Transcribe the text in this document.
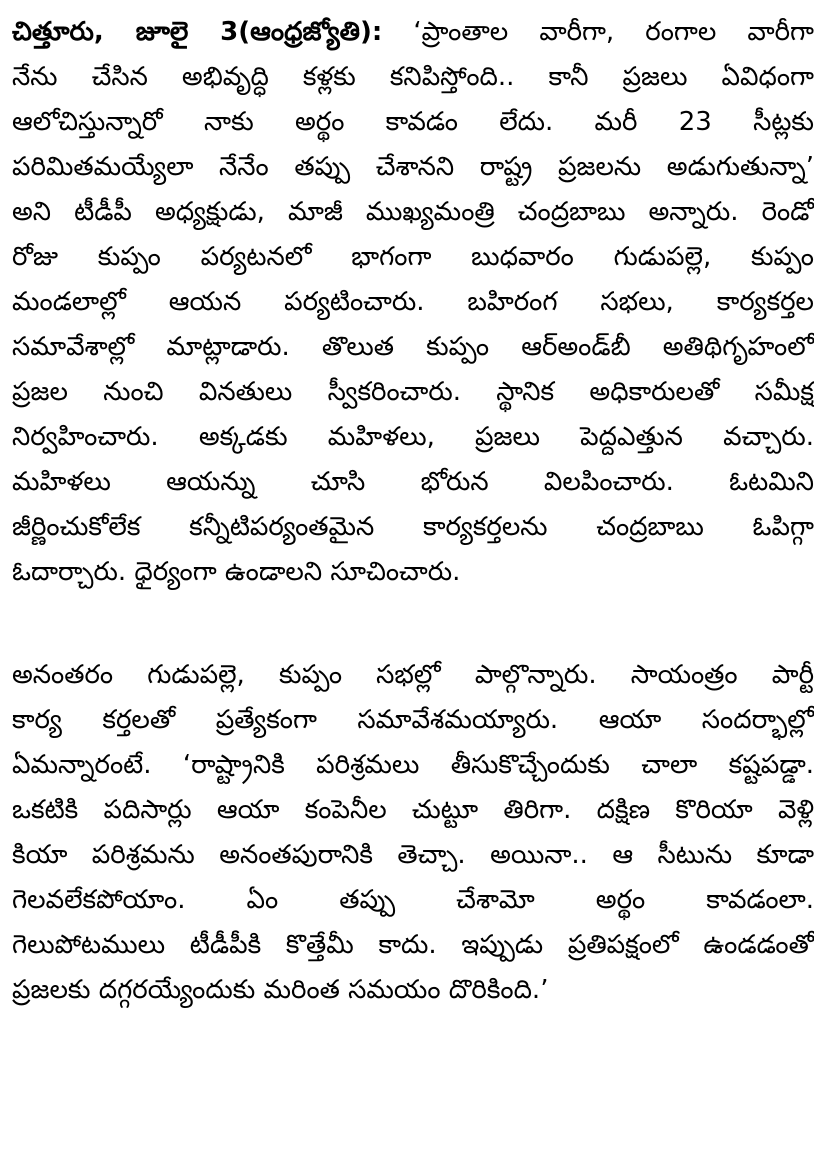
చిత్తూరు, జూలై 3(ఆంధ్రజ్యోతి): ‘ప్రాంతాల వారీగా, రంగాల వారీగా
నేను చేసిన అభివృద్ధి కళ్లకు కనిపిస్తోంది.. కానీ ప్రజలు ఏవిధంగా
ఆలోచిస్తున్నారో నాకు అర్థం కావడం లేదు. మరీ 23 సీట్లకు
పరిమితమయ్యేలా నేనేం తప్పు చేశానని రాష్ట్ర ప్రజలను అడుగుతున్నా’
అని టీడీపీ అధ్యక్షుడు, మాజీ ముఖ్యమంత్రి చంద్రబాబు అన్నారు. రెండో
రోజు కుప్పం పర్యటనలో భాగంగా బుధవారం గుడుపల్లె, కుప్పం
మండలాల్లో ఆయన పర్యటించారు. బహిరంగ సభలు, కార్యకర్తల
సమావేశాల్లో మాట్లాడారు. తొలుత కుప్పం ఆర్‌అండ్‌బీ అతిథిగృహంలో
ప్రజల నుంచి వినతులు స్వీకరించారు. స్థానిక అధికారులతో సమీక్ష
నిర్వహించారు. అక్కడకు మహిళలు, ప్రజలు పెద్దఎత్తున వచ్చారు.
మహిళలు ఆయన్ను చూసి భోరున విలపించారు. ఓటమిని
జీర్ణించుకోలేక కన్నీటిపర్యంతమైన కార్యకర్తలను చంద్రబాబు ఓపిగ్గా
ఓదార్చారు. ధైర్యంగా ఉండాలని సూచించారు.
అనంతరం గుడుపల్లె, కుప్పం సభల్లో పాల్గొన్నారు. సాయంత్రం పార్టీ
కార్య కర్తలతో ప్రత్యేకంగా సమావేశమయ్యారు. ఆయా సందర్భాల్లో
ఏమన్నారంటే. ‘రాష్ట్రానికి పరిశ్రమలు తీసుకొచ్చేందుకు చాలా కష్టపడ్డా.
ఒకటికి పదిసార్లు ఆయా కంపెనీల చుట్టూ తిరిగా. దక్షిణ కొరియా వెళ్లి
కియా పరిశ్రమను అనంతపురానికి తెచ్చా. అయినా.. ఆ సీటును కూడా
గెలవలేకపోయాం. ఏం తప్పు చేశామో అర్థం కావడంలా.
గెలుపోటములు టీడీపీకి కొత్తేమీ కాదు. ఇప్పుడు ప్రతిపక్షంలో ఉండడంతో
ప్రజలకు దగ్గరయ్యేందుకు మరింత సమయం దొరికింది.’
